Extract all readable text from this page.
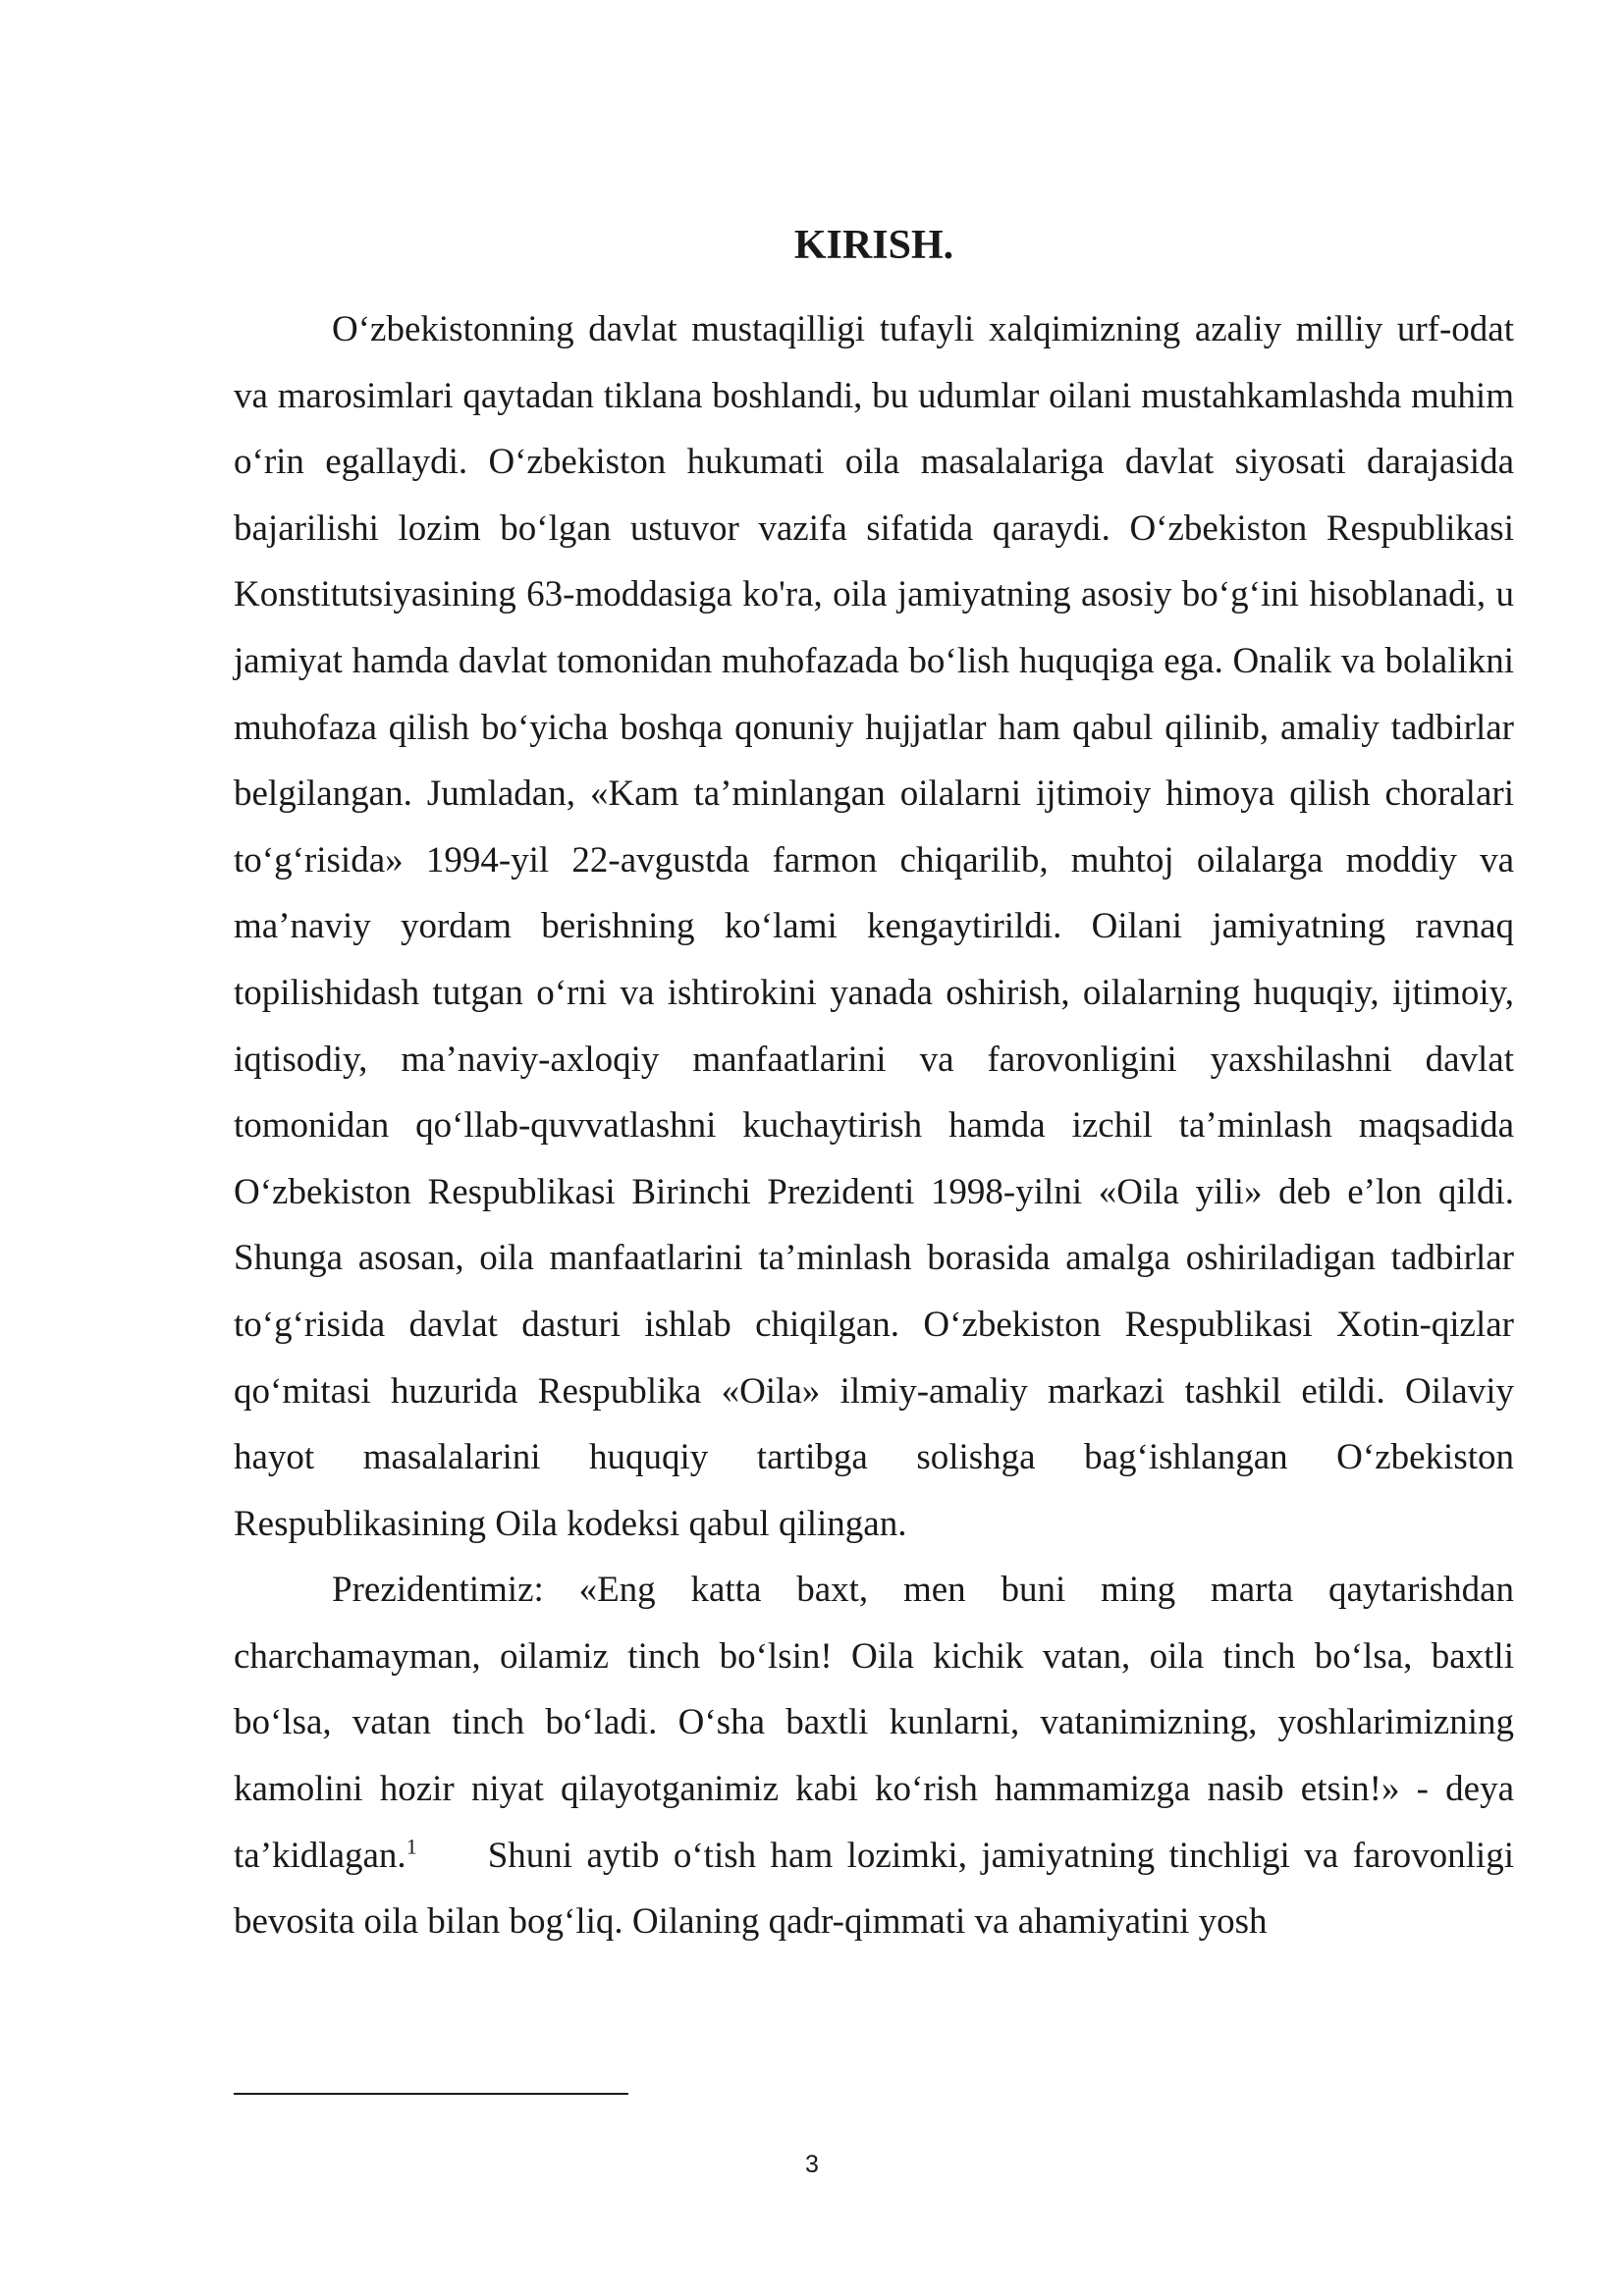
KIRISH.

O‘zbekistonning davlat mustaqilligi tufayli xalqimizning azaliy milliy urf-odat va marosimlari qaytadan tiklana boshlandi, bu udumlar oilani mustahkamlashda muhim o‘rin egallaydi. O‘zbekiston hukumati oila masalalariga davlat siyosati darajasida bajarilishi lozim bo‘lgan ustuvor vazifa sifatida qaraydi. O‘zbekiston Respublikasi Konstitutsiyasining 63-moddasiga ko'ra, oila jamiyatning asosiy bo‘g‘ini hisoblanadi, u jamiyat hamda davlat tomonidan muhofazada bo‘lish huquqiga ega. Onalik va bolalikni muhofaza qilish bo‘yicha boshqa qonuniy hujjatlar ham qabul qilinib, amaliy tadbirlar belgilangan. Jumladan, «Kam ta’minlangan oilalarni ijtimoiy himoya qilish choralari to‘g‘risida» 1994-yil 22-avgustda farmon chiqarilib, muhtoj oilalarga moddiy va ma’naviy yordam berishning ko‘lami kengaytirildi. Oilani jamiyatning ravnaq topilishidash tutgan o‘rni va ishtirokini yanada oshirish, oilalarning huquqiy, ijtimoiy, iqtisodiy, ma’naviy-axloqiy manfaatlarini va farovonligini yaxshilashni davlat tomonidan qo‘llab-quvvatlashni kuchaytirish hamda izchil ta’minlash maqsadida O‘zbekiston Respublikasi Birinchi Prezidenti 1998-yilni «Oila yili» deb e’lon qildi. Shunga asosan, oila manfaatlarini ta’minlash borasida amalga oshiriladigan tadbirlar to‘g‘risida davlat dasturi ishlab chiqilgan. O‘zbekiston Respublikasi Xotin-qizlar qo‘mitasi huzurida Respublika «Oila» ilmiy-amaliy markazi tashkil etildi. Oilaviy hayot masalalarini huquqiy tartibga solishga bag‘ishlangan O‘zbekiston Respublikasining Oila kodeksi qabul qilingan.

Prezidentimiz: «Eng katta baxt, men buni ming marta qaytarishdan charchamayman, oilamiz tinch bo‘lsin! Oila kichik vatan, oila tinch bo‘lsa, baxtli bo‘lsa, vatan tinch bo‘ladi. O‘sha baxtli kunlarni, vatanimizning, yoshlarimizning kamolini hozir niyat qilayotganimiz kabi ko‘rish hammamizga nasib etsin!» - deya ta’kidlagan.$^1$ Shuni aytib o‘tish ham lozimki, jamiyatning tinchligi va farovonligi bevosita oila bilan bog‘liq. Oilaning qadr-qimmati va ahamiyatini yosh

3
